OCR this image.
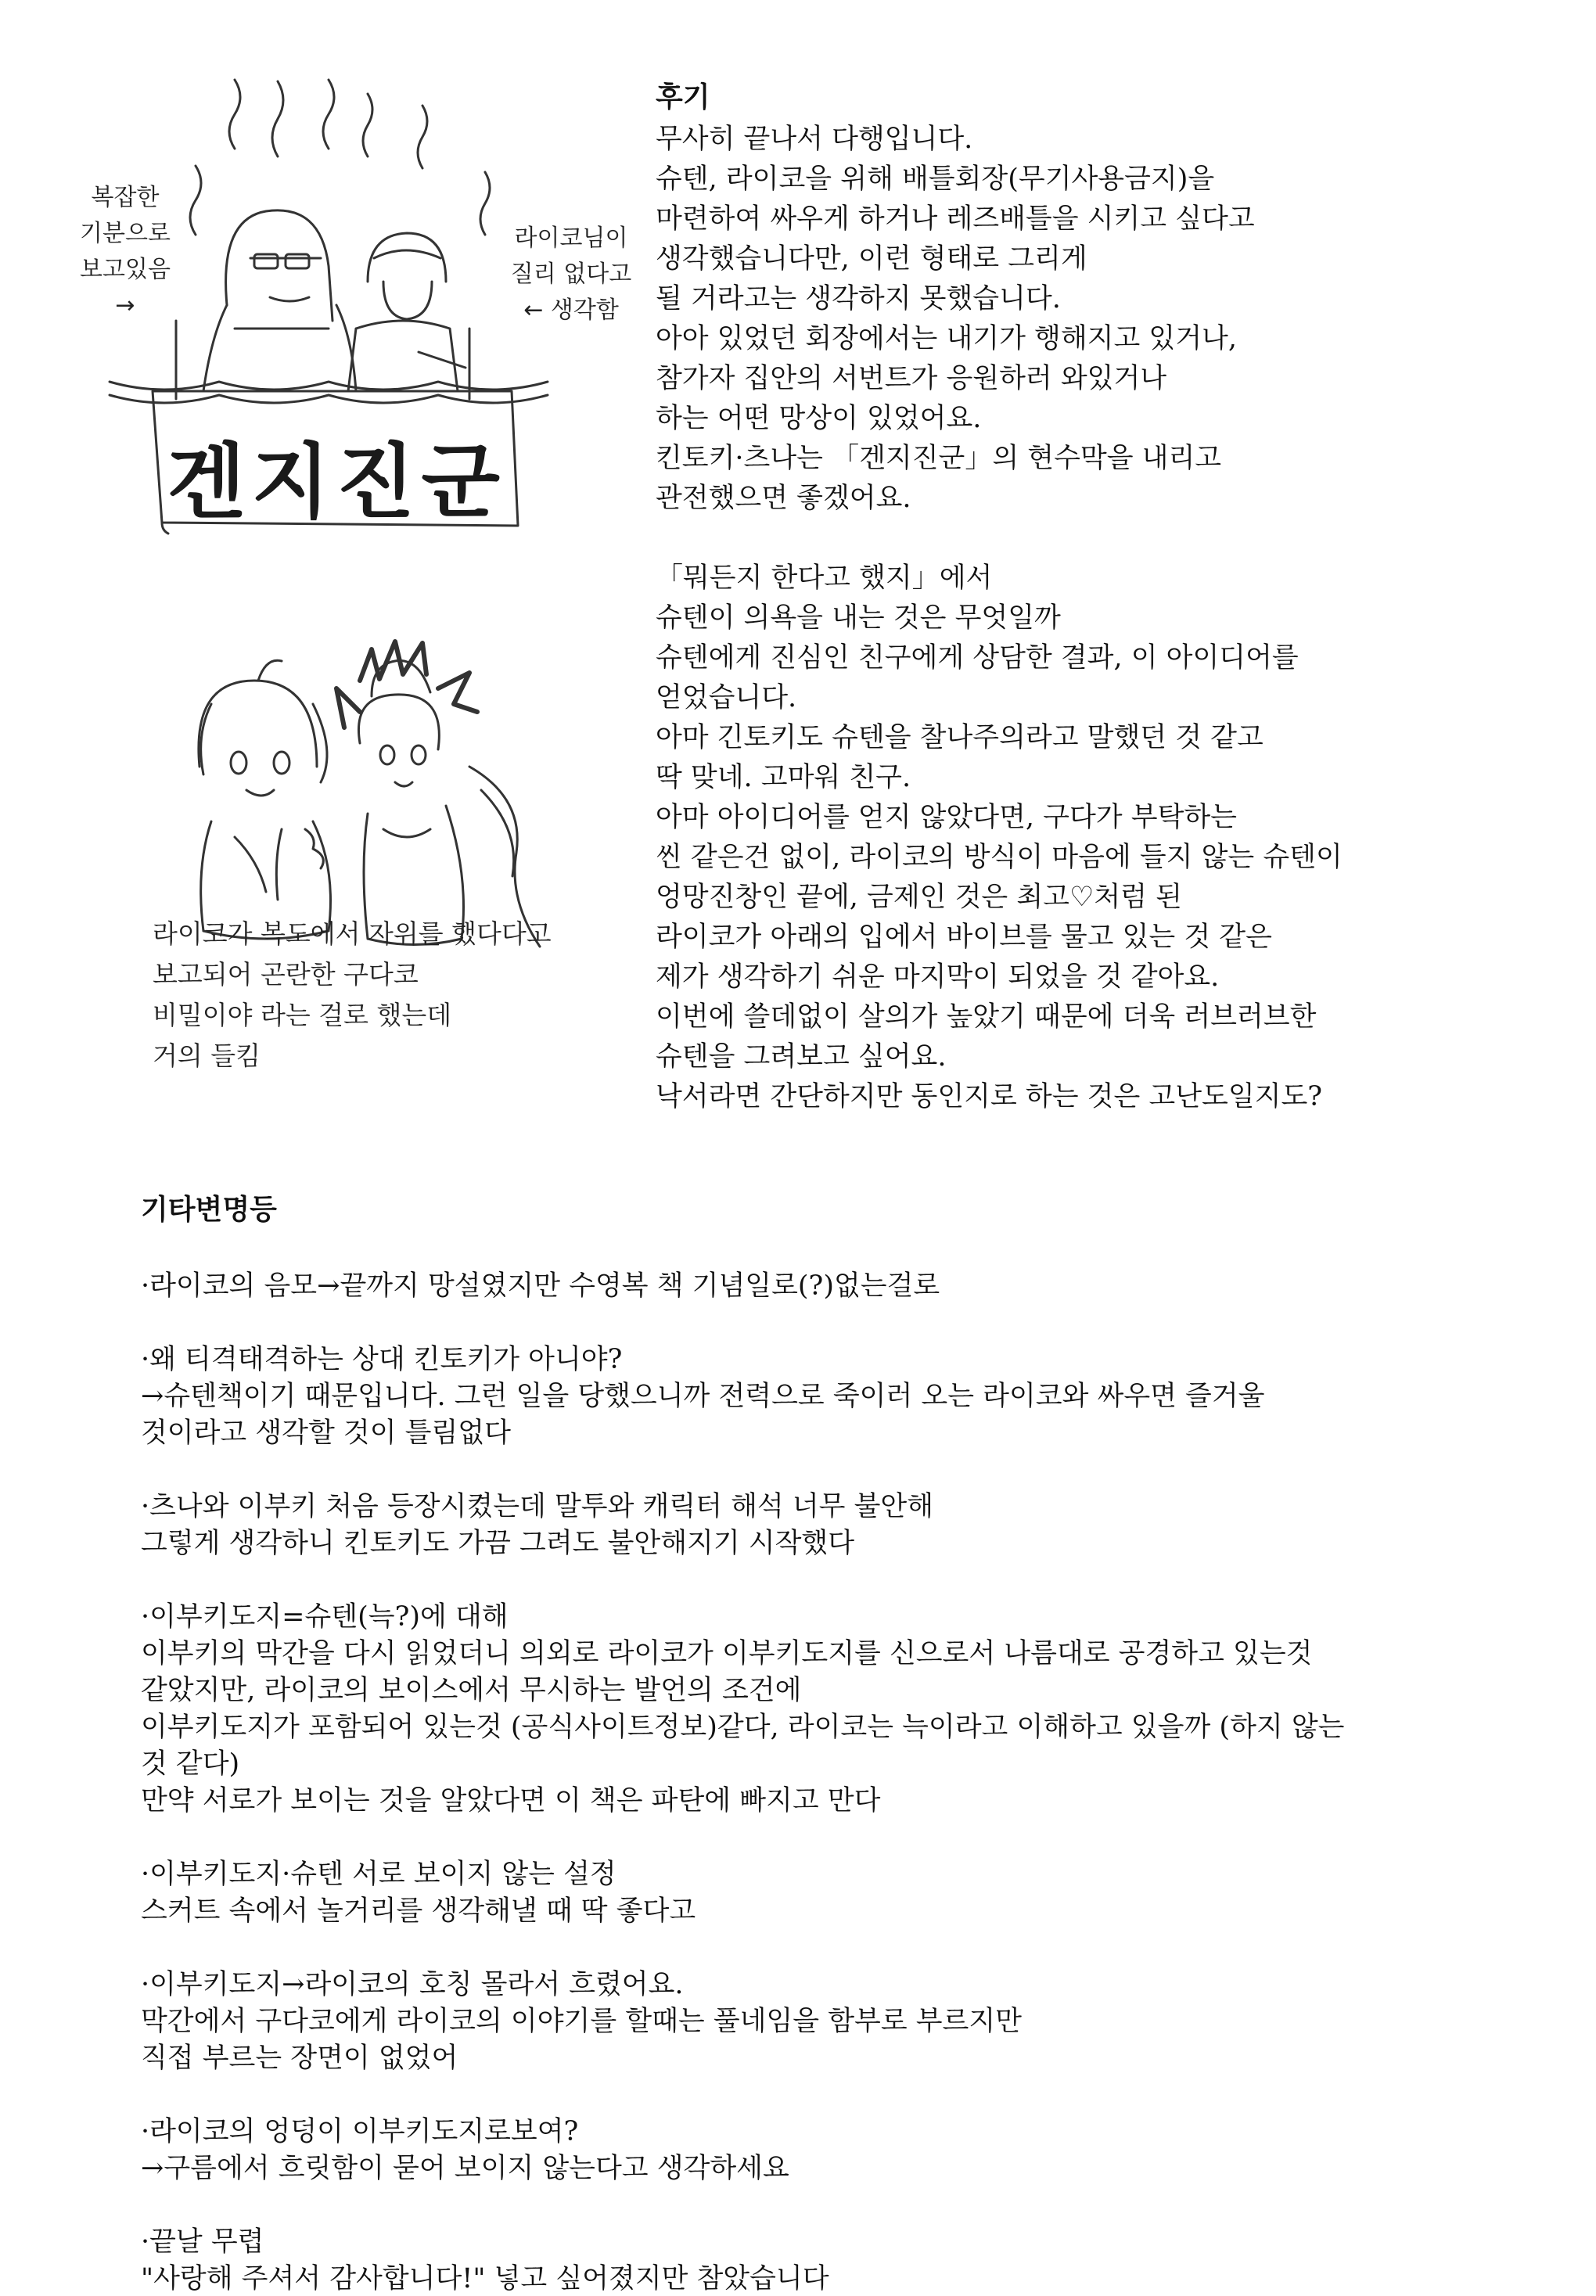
복잡한
기분으로
보고있음
→
라이코님이
질리 없다고
← 생각함
겐지진군
라이코가 복도에서 자위를 했다다고
보고되어 곤란한 구다코
비밀이야 라는 걸로 했는데
거의 들킴
후기
무사히 끝나서 다행입니다.
슈텐, 라이코을 위해 배틀회장(무기사용금지)을
마련하여 싸우게 하거나 레즈배틀을 시키고 싶다고
생각했습니다만, 이런 형태로 그리게
될 거라고는 생각하지 못했습니다.
아아 있었던 회장에서는 내기가 행해지고 있거나,
참가자 집안의 서번트가 응원하러 와있거나
하는 어떤 망상이 있었어요.
킨토키·츠나는 「겐지진군」의 현수막을 내리고
관전했으면 좋겠어요.
「뭐든지 한다고 했지」에서
슈텐이 의욕을 내는 것은 무엇일까
슈텐에게 진심인 친구에게 상담한 결과, 이 아이디어를
얻었습니다.
아마 긴토키도 슈텐을 찰나주의라고 말했던 것 같고
딱 맞네. 고마워 친구.
아마 아이디어를 얻지 않았다면, 구다가 부탁하는
씬 같은건 없이, 라이코의 방식이 마음에 들지 않는 슈텐이
엉망진창인 끝에, 금제인 것은 최고♡처럼 된
라이코가 아래의 입에서 바이브를 물고 있는 것 같은
제가 생각하기 쉬운 마지막이 되었을 것 같아요.
이번에 쓸데없이 살의가 높았기 때문에 더욱 러브러브한
슈텐을 그려보고 싶어요.
낙서라면 간단하지만 동인지로 하는 것은 고난도일지도?
기타변명등
·라이코의 음모→끝까지 망설였지만 수영복 책 기념일로(?)없는걸로
·왜 티격태격하는 상대 킨토키가 아니야?
→슈텐책이기 때문입니다. 그런 일을 당했으니까 전력으로 죽이러 오는 라이코와 싸우면 즐거울
것이라고 생각할 것이 틀림없다
·츠나와 이부키 처음 등장시켰는데 말투와 캐릭터 해석 너무 불안해
그렇게 생각하니 킨토키도 가끔 그려도 불안해지기 시작했다
·이부키도지=슈텐(늑?)에 대해
이부키의 막간을 다시 읽었더니 의외로 라이코가 이부키도지를 신으로서 나름대로 공경하고 있는것
같았지만, 라이코의 보이스에서 무시하는 발언의 조건에
이부키도지가 포함되어 있는것 (공식사이트정보)같다, 라이코는 늑이라고 이해하고 있을까 (하지 않는
것 같다)
만약 서로가 보이는 것을 알았다면 이 책은 파탄에 빠지고 만다
·이부키도지·슈텐 서로 보이지 않는 설정
스커트 속에서 놀거리를 생각해낼 때 딱 좋다고
·이부키도지→라이코의 호칭 몰라서 흐렸어요.
막간에서 구다코에게 라이코의 이야기를 할때는 풀네임을 함부로 부르지만
직접 부르는 장면이 없었어
·라이코의 엉덩이 이부키도지로보여?
→구름에서 흐릿함이 묻어 보이지 않는다고 생각하세요
·끝날 무렵
"사랑해 주셔서 감사합니다!" 넣고 싶어졌지만 참았습니다
